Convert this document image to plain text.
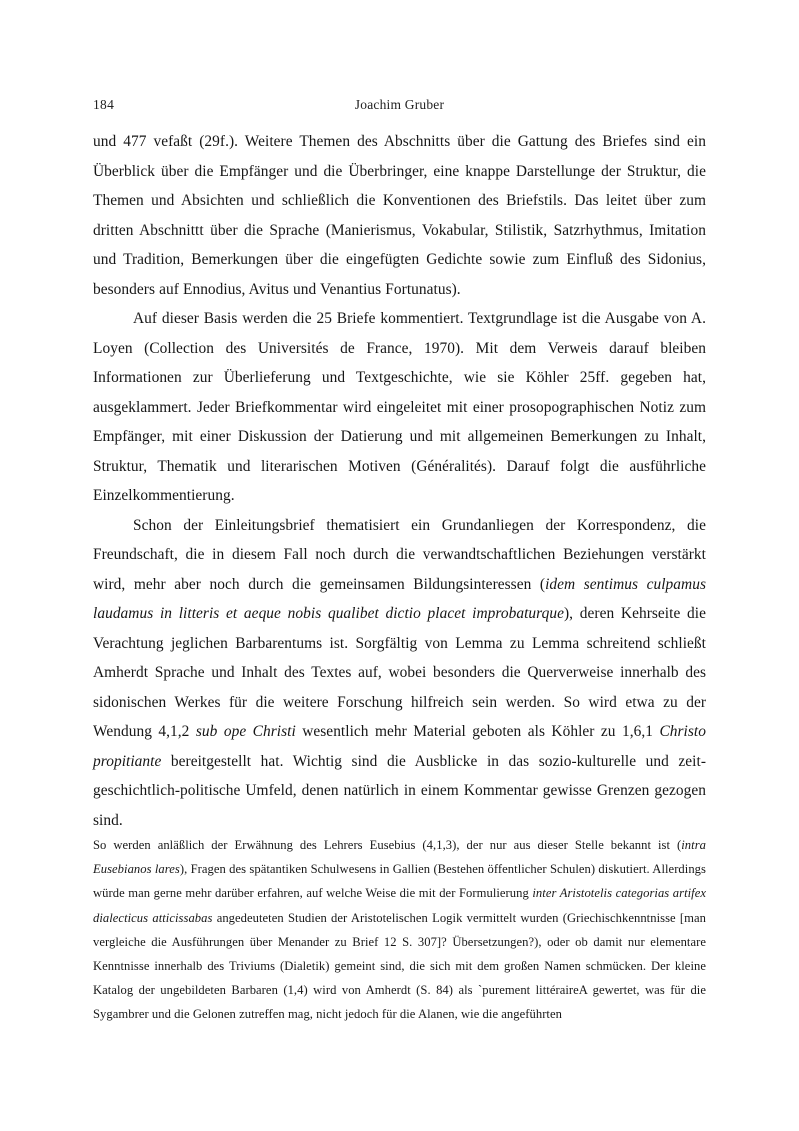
184	Joachim Gruber

und 477 vefaßt (29f.). Weitere Themen des Abschnitts über die Gattung des Briefes sind ein Überblick über die Empfänger und die Überbringer, eine knappe Darstellunge der Struktur, die Themen und Absichten und schließlich die Konventionen des Briefstils. Das leitet über zum dritten Abschnittt über die Sprache (Manierismus, Vokabular, Stilistik, Satzrhythmus, Imitation und Tradition, Bemerkungen über die eingefügten Gedichte sowie zum Einfluß des Sidonius, besonders auf Ennodius, Avitus und Venantius Fortunatus).

Auf dieser Basis werden die 25 Briefe kommentiert. Textgrundlage ist die Ausgabe von A. Loyen (Collection des Universités de France, 1970). Mit dem Verweis darauf bleiben Informationen zur Überlieferung und Textgeschichte, wie sie Köhler 25ff. gegeben hat, ausgeklammert. Jeder Briefkommentar wird eingeleitet mit einer prosopographischen Notiz zum Empfänger, mit einer Diskussion der Datierung und mit allgemeinen Bemerkungen zu Inhalt, Struktur, Thematik und literarischen Motiven (Généralités). Darauf folgt die ausführliche Einzelkommentierung.

Schon der Einleitungsbrief thematisiert ein Grundanliegen der Korrespondenz, die Freundschaft, die in diesem Fall noch durch die verwandtschaftlichen Beziehungen verstärkt wird, mehr aber noch durch die gemeinsamen Bildungsinteressen (idem sentimus culpamus laudamus in litteris et aeque nobis qualibet dictio placet improbaturque), deren Kehrseite die Verachtung jeglichen Barbarentums ist. Sorgfältig von Lemma zu Lemma schreitend schließt Amherdt Sprache und Inhalt des Textes auf, wobei besonders die Querverweise innerhalb des sidonischen Werkes für die weitere Forschung hilfreich sein werden. So wird etwa zu der Wendung 4,1,2 sub ope Christi wesentlich mehr Material geboten als Köhler zu 1,6,1 Christo propitiante bereitgestellt hat. Wichtig sind die Ausblicke in das sozio-kulturelle und zeit-geschichtlich-politische Umfeld, denen natürlich in einem Kommentar gewisse Grenzen gezogen sind.

So werden anläßlich der Erwähnung des Lehrers Eusebius (4,1,3), der nur aus dieser Stelle bekannt ist (intra Eusebianos lares), Fragen des spätantiken Schulwesens in Gallien (Bestehen öffentlicher Schulen) diskutiert. Allerdings würde man gerne mehr darüber erfahren, auf welche Weise die mit der Formulierung inter Aristotelis categorias artifex dialecticus atticissabas angedeuteten Studien der Aristotelischen Logik vermittelt wurden (Griechischkenntnisse [man vergleiche die Ausführungen über Menander zu Brief 12 S. 307]? Übersetzungen?), oder ob damit nur elementare Kenntnisse innerhalb des Triviums (Dialetik) gemeint sind, die sich mit dem großen Namen schmücken. Der kleine Katalog der ungebildeten Barbaren (1,4) wird von Amherdt (S. 84) als `purement littéraireA gewertet, was für die Sygambrer und die Gelonen zutreffen mag, nicht jedoch für die Alanen, wie die angeführten
